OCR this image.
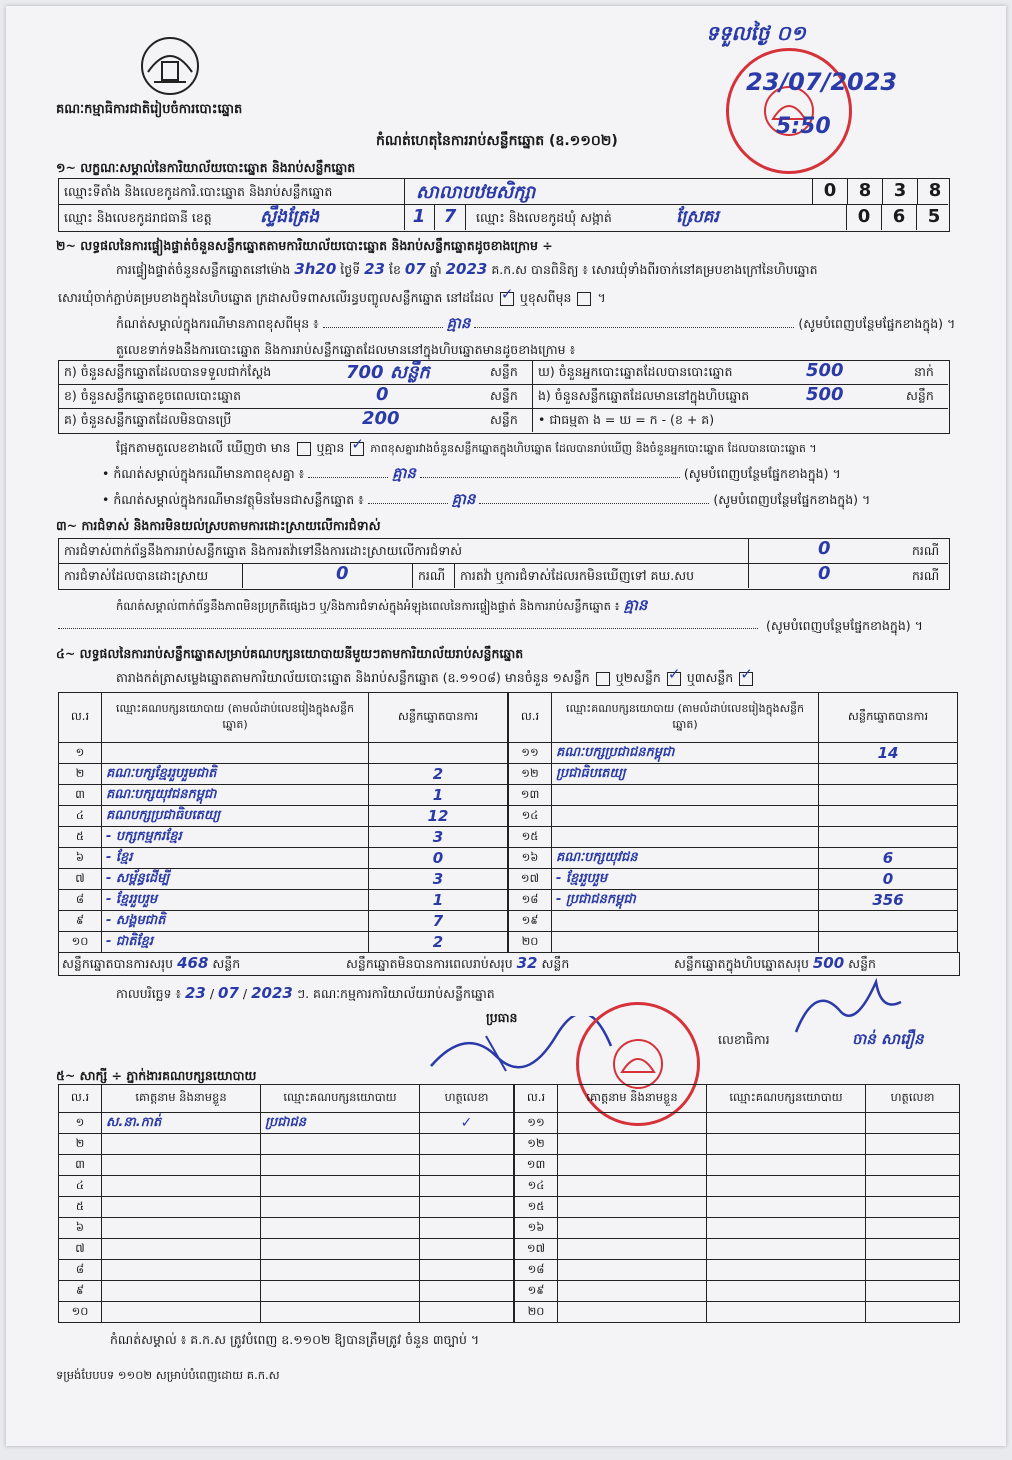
គណៈកម្មាធិការជាតិរៀបចំការបោះឆ្នោត
ទទួលថ្ងៃ ០១
23/07/2023
5:50
កំណត់ហេតុនៃការរាប់សន្លឹកឆ្នោត (ឧ.១១០២)
១~ លក្ខណៈសម្គាល់នៃការិយាល័យបោះឆ្នោត និងរាប់សន្លឹកឆ្នោត
ឈ្មោះទីតាំង និងលេខកូដការិ.បោះឆ្នោត និងរាប់សន្លឹកឆ្នោត	សាលាបឋមសិក្សា	0	8	3	8
ឈ្មោះ និងលេខកូដរាជធានី ខេត្ត	ស្ទឹងត្រែង	1	7	ឈ្មោះ និងលេខកូដឃុំ សង្កាត់	ស្រែគរ	0	6	5
២~ លទ្ធផលនៃការផ្ទៀងផ្ទាត់ចំនួនសន្លឹកឆ្នោតតាមការិយាល័យបោះឆ្នោត និងរាប់សន្លឹកឆ្នោតដូចខាងក្រោម ÷
ការផ្ទៀងផ្ទាត់ចំនួនសន្លឹកឆ្នោតនៅម៉ោង 3h20 ថ្ងៃទី 23 ខែ 07 ឆ្នាំ 2023 គ.ក.ស បានពិនិត្យ ៖ សោរឃុំទាំងពីរចាក់នៅគម្របខាងក្រៅនៃហិបឆ្នោត
សោរឃុំចាក់ភ្ជាប់គម្របខាងក្នុងនៃហិបឆ្នោត ក្រដាសបិទពាសលើរន្ធបញ្ចូលសន្លឹកឆ្នោត នៅដដែល ✓ ឬខុសពីមុន  ។
កំណត់សម្គាល់ក្នុងករណីមានភាពខុសពីមុន ៖	គ្មាន	(សូមបំពេញបន្ថែមផ្នែកខាងក្នុង) ។
តួលេខទាក់ទងនឹងការបោះឆ្នោត និងការរាប់សន្លឹកឆ្នោតដែលមាននៅក្នុងហិបឆ្នោតមានដូចខាងក្រោម ៖
ក) ចំនួនសន្លឹកឆ្នោតដែលបានទទួលជាក់ស្តែង	700 សន្លឹក	សន្លឹក
ខ) ចំនួនសន្លឹកឆ្នោតខូចពេលបោះឆ្នោត	0	សន្លឹក
គ) ចំនួនសន្លឹកឆ្នោតដែលមិនបានប្រើ	200	សន្លឹក
ឃ) ចំនួនអ្នកបោះឆ្នោតដែលបានបោះឆ្នោត	500	នាក់
ង) ចំនួនសន្លឹកឆ្នោតដែលមាននៅក្នុងហិបឆ្នោត	500	សន្លឹក
• ជាធម្មតា ង = ឃ = ក - (ខ + គ)
ផ្អែកតាមតួលេខខាងលើ ឃើញថា មាន ឬគ្មាន ✓ ភាពខុសគ្នារវាងចំនួនសន្លឹកឆ្នោតក្នុងហិបឆ្នោត ដែលបានរាប់ឃើញ និងចំនួនអ្នកបោះឆ្នោត ដែលបានបោះឆ្នោត ។
• កំណត់សម្គាល់ក្នុងករណីមានភាពខុសគ្នា ៖	គ្មាន	(សូមបំពេញបន្ថែមផ្នែកខាងក្នុង) ។
• កំណត់សម្គាល់ក្នុងករណីមានវត្ថុមិនមែនជាសន្លឹកឆ្នោត ៖	គ្មាន	(សូមបំពេញបន្ថែមផ្នែកខាងក្នុង) ។
៣~ ការជំទាស់ និងការមិនយល់ស្របតាមការដោះស្រាយលើការជំទាស់
ការជំទាស់ពាក់ព័ន្ធនឹងការរាប់សន្លឹកឆ្នោត និងការតវ៉ាទៅនឹងការដោះស្រាយលើការជំទាស់	0	ករណី
ការជំទាស់ដែលបានដោះស្រាយ	0	ករណី ការតវ៉ា ឬការជំទាស់ដែលរកមិនឃើញទៅ គឃ.សប	0	ករណី
កំណត់សម្គាល់ពាក់ព័ន្ធនឹងភាពមិនប្រក្រតីផ្សេងៗ ឬ/និងការជំទាស់ក្នុងអំឡុងពេលនៃការផ្ទៀងផ្ទាត់ និងការរាប់សន្លឹកឆ្នោត ៖ គ្មាន
(សូមបំពេញបន្ថែមផ្នែកខាងក្នុង) ។
៤~ លទ្ធផលនៃការរាប់សន្លឹកឆ្នោតសម្រាប់គណបក្សនយោបាយនីមួយៗតាមការិយាល័យរាប់សន្លឹកឆ្នោត
តារាងកត់ត្រាសម្លេងឆ្នោតតាមការិយាល័យបោះឆ្នោត និងរាប់សន្លឹកឆ្នោត (ឧ.១១០៨) មានចំនួន ១សន្លឹក ឬ២សន្លឹក ✓ ឬ៣សន្លឹក ✓
ល.រ	ឈ្មោះគណបក្សនយោបាយ (តាមលំដាប់លេខរៀងក្នុងសន្លឹកឆ្នោត)	សន្លឹកឆ្នោតបានការ
១		
២	គណៈបក្សខ្មែររួបរួមជាតិ	2
៣	គណៈបក្សយុវជនកម្ពុជា	1
៤	គណបក្សប្រជាធិបតេយ្យ	12
៥	- បក្សកម្មករខ្មែរ	3
៦	- ខ្មែរ	0
៧	- សម្ព័ន្ធដើម្បី	3
៨	- ខ្មែររួបរួម	1
៩	- សង្គមជាតិ	7
១០	- ជាតិខ្មែរ	2
ល.រ	ឈ្មោះគណបក្សនយោបាយ (តាមលំដាប់លេខរៀងក្នុងសន្លឹកឆ្នោត)	សន្លឹកឆ្នោតបានការ
១១	គណៈបក្សប្រជាជនកម្ពុជា	14
១២	ប្រជាធិបតេយ្យ	
១៣		
១៤		
១៥		
១៦	គណៈបក្សយុវជន	6
១៧	- ខ្មែររួបរួម	0
១៨	- ប្រជាជនកម្ពុជា	356
១៩		
២០		
សន្លឹកឆ្នោតបានការសរុប 468 សន្លឹក	សន្លឹកឆ្នោតមិនបានការពេលរាប់សរុប 32 សន្លឹក	សន្លឹកឆ្នោតក្នុងហិបឆ្នោតសរុប 500 សន្លឹក
កាលបរិច្ឆេទ ៖ 23 / 07 / 2023 ៗ. គណៈកម្មការការិយាល័យរាប់សន្លឹកឆ្នោត
ប្រធាន
លេខាធិការ	ចាន់ សារឿន
៥~ សាក្សី ÷ ភ្នាក់ងារគណបក្សនយោបាយ
ល.រ	គោត្តនាម និងនាមខ្លួន	ឈ្មោះគណបក្សនយោបាយ	ហត្ថលេខា
១	ស.នា.កាត់	ប្រជាជន	✓
២			
៣			
៤			
៥			
៦			
៧			
៨			
៩			
១០			
ល.រ	គោត្តនាម និងនាមខ្លួន	ឈ្មោះគណបក្សនយោបាយ	ហត្ថលេខា
១១			
១២			
១៣			
១៤			
១៥			
១៦			
១៧			
១៨			
១៩			
២០			
កំណត់សម្គាល់ ៖ គ.ក.ស ត្រូវបំពេញ ឧ.១១០២ ឱ្យបានត្រឹមត្រូវ ចំនួន ៣ច្បាប់ ។
ទម្រង់បែបបទ ១១០២ សម្រាប់បំពេញដោយ គ.ក.ស
